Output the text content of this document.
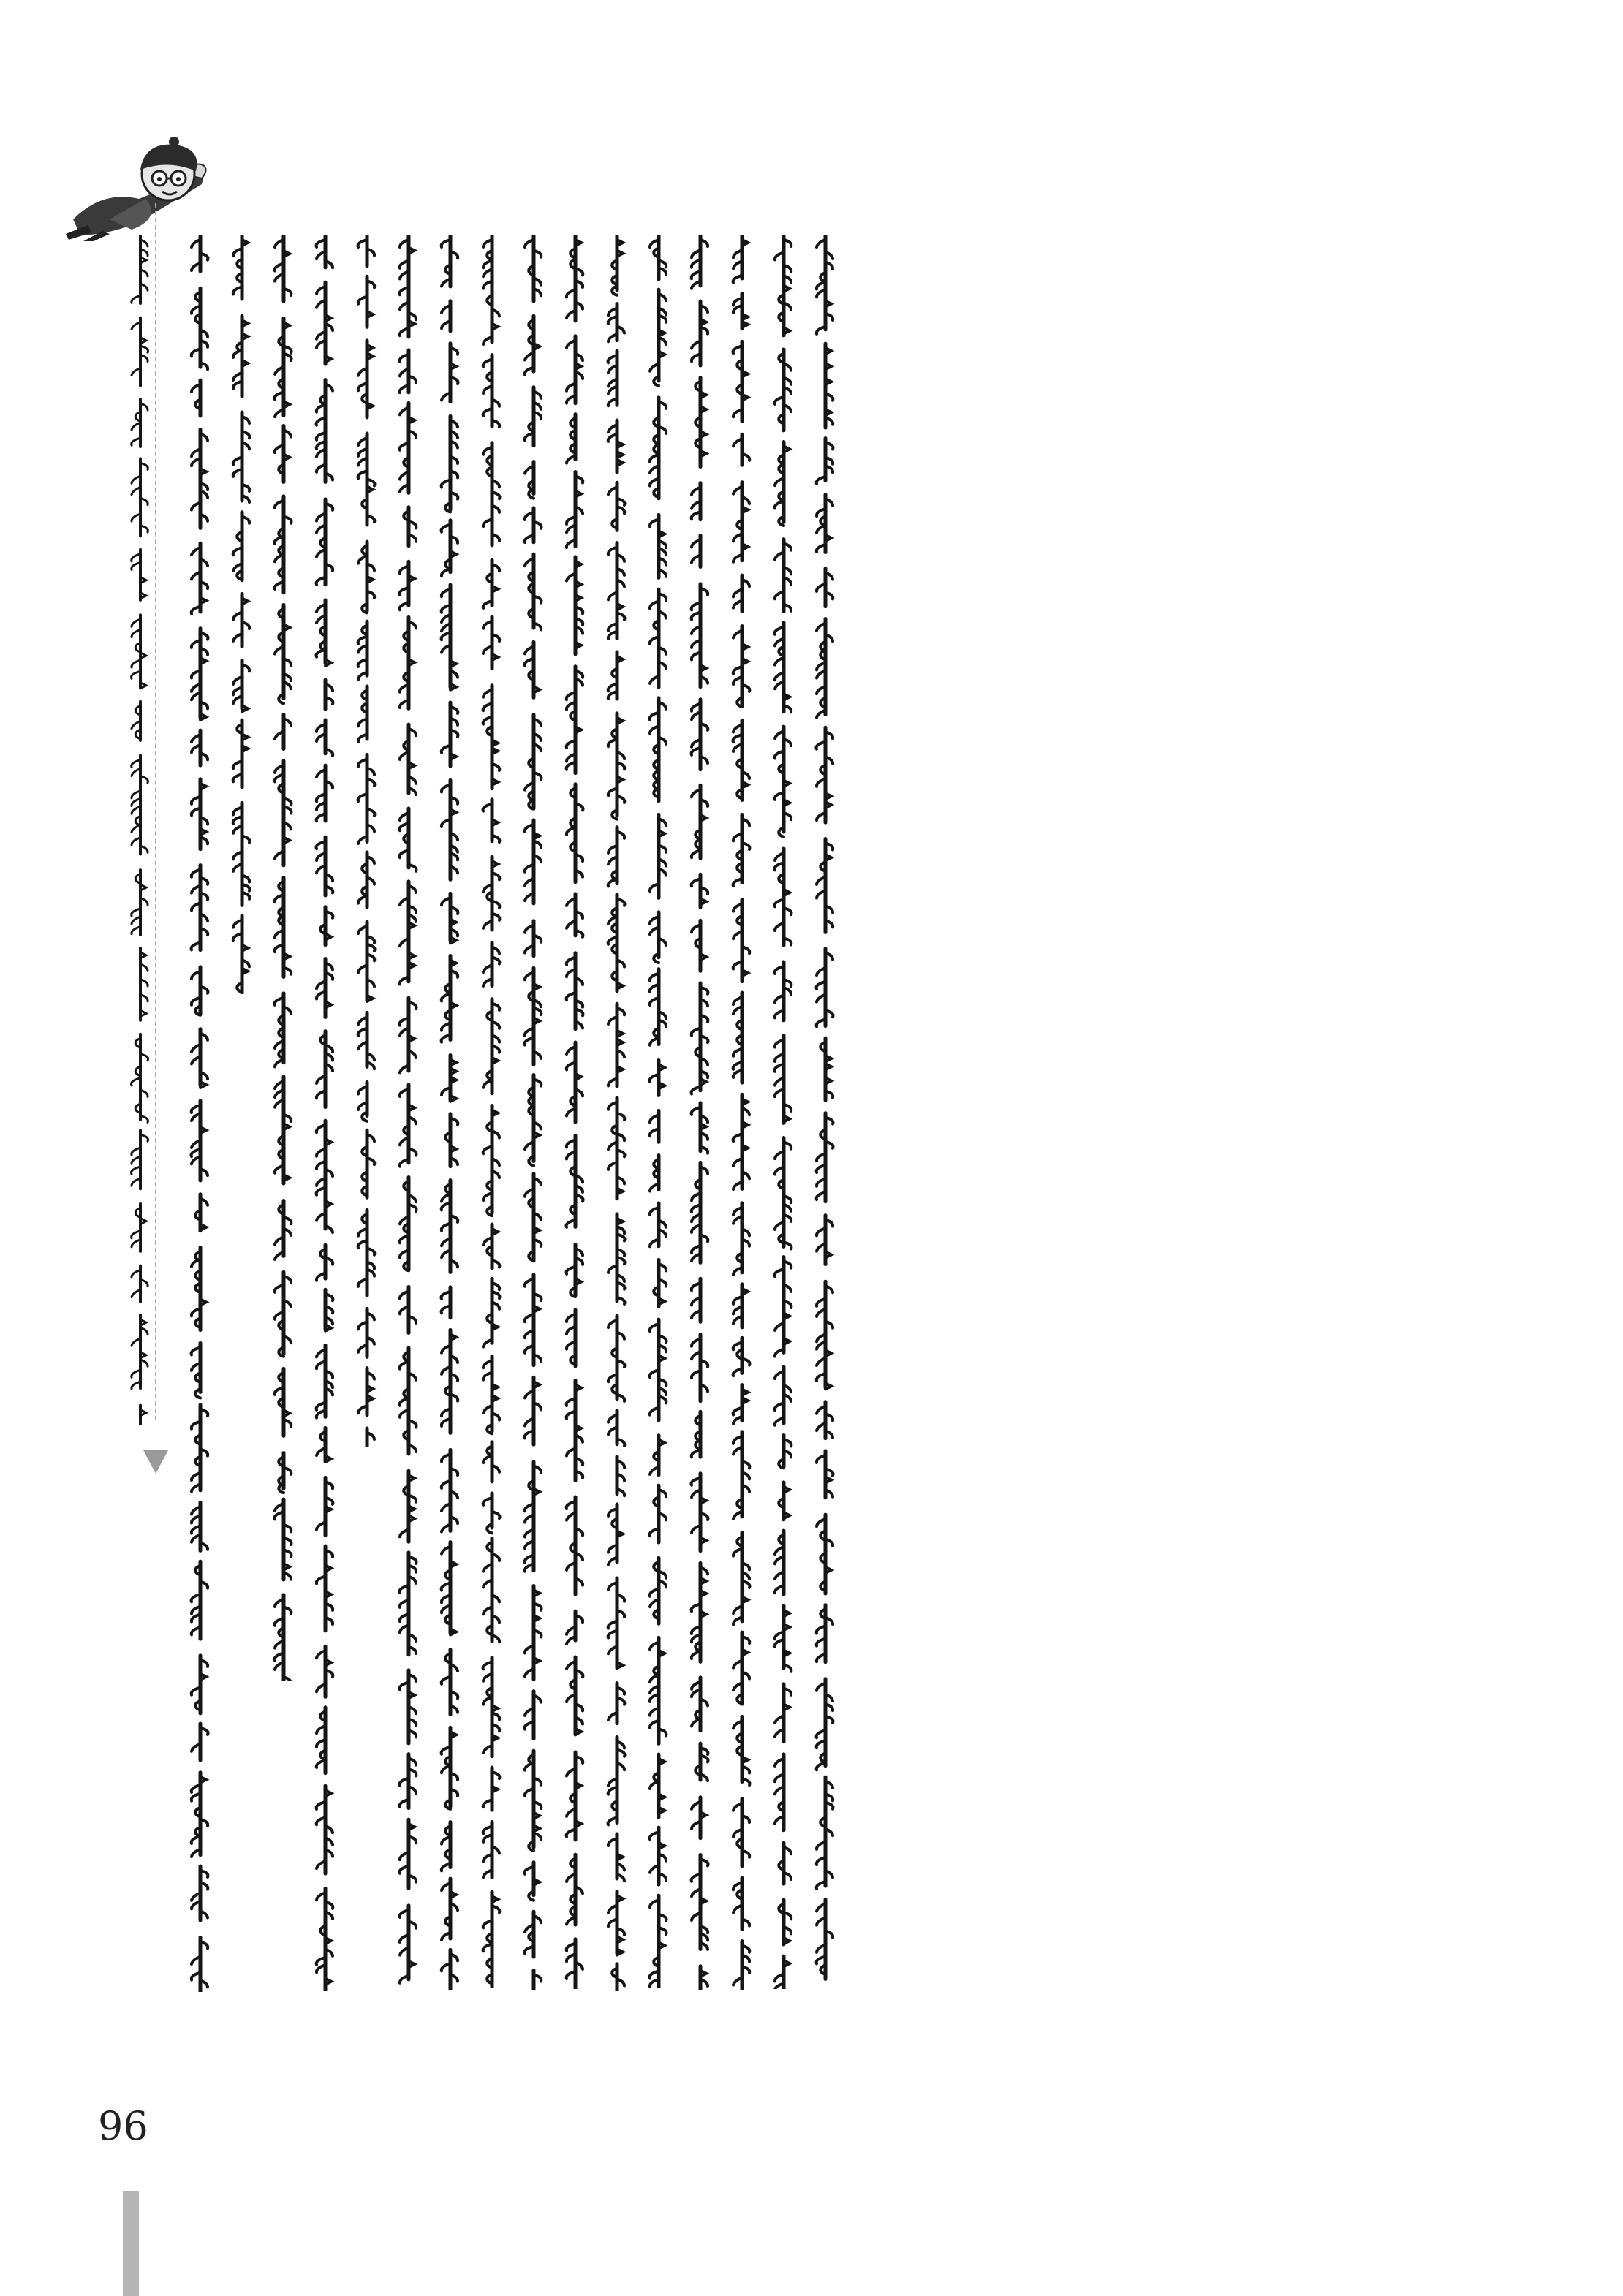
96
